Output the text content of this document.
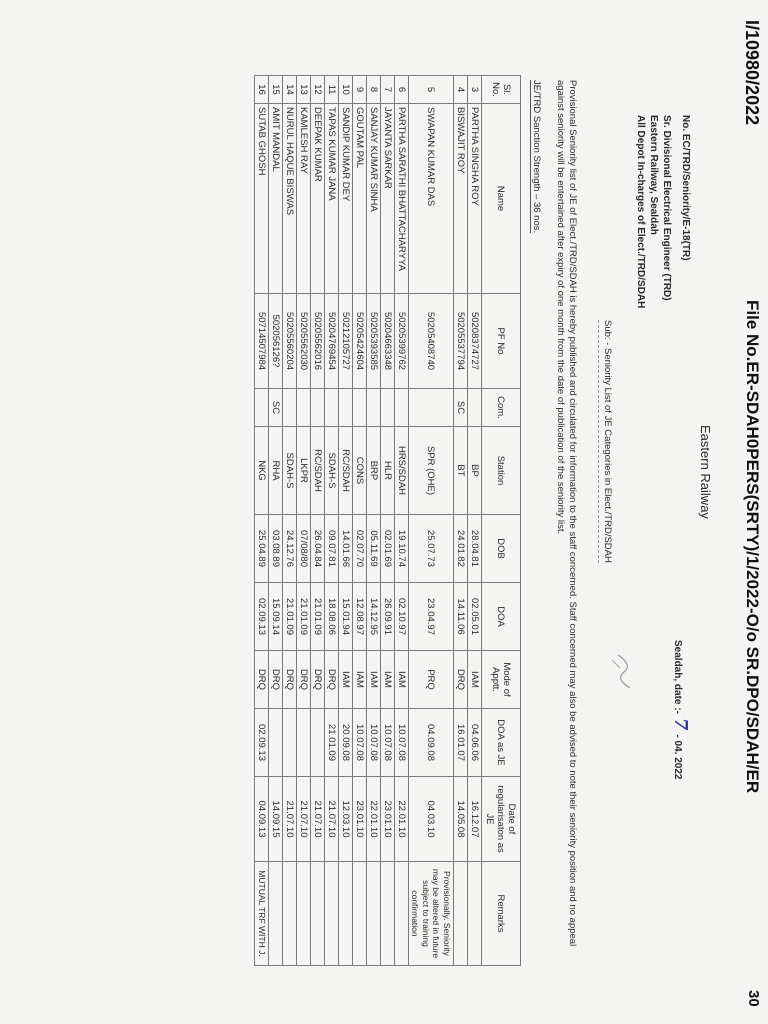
I/10980/2022
File No.ER-SDAH0PERS(SRTY)/1/2022-O/o SR.DPO/SDAH/ER
30
Eastern Railway
No. EC/TRD/Seniority/E-18(TR)
Sealdah, date :-7- 04. 2022
Sr. Divisional Electrical Engineer (TRD)
Eastern Railway, Sealdah
All Depot In-charges of Elect./TRD/SDAH
Sub: - Seniority List of JE Categories in Elect./TRD/SDAH
Provisional Seniority list of JE of Elect./TRD/SDAH is hereby published and circulated for information to the staff concerned. Staff concerned may also be advised to note their seniority position and no appeal against seniority will be entertained after expiry of one month from the date of publication of the seniority list.
JE/TRD Sanction Strength – 36 nos.
Sl. No.	Name	PF No	Com.	Station	DOB	DOA	Mode of Apptt.	DOA as JE	Date of regularisaton as JE	Remarks
3	PARTHA SINGHA ROY	50208374727		BP	28.04.81	02.05.01	IAM	04.06.06	16.12.07	
4	BISWAJIT ROY	50205537794	SC	BT	24.01.82	14.11.06	DRQ	16.01.07	14.05.08	
5	SWAPAN KUMAR DAS	50205408740		SPR (OHE)	25.07.73	23.04.97	PRQ	04.09.08	04.03.10	Provisionally. Seniority may be altered in future subject to training confirmation
6	PARTHA SARATHI BHATTACHARYYA	50205399762		HRS/SDAH	19.10.74	02.10.97	IAM	10.07.08	22.01.10	
7	JAYANTA SARKAR	50204663348		HLR	02.01.69	26.09.91	IAM	10.07.08	23.01.10	
8	SANJAY KUMAR SINHA	50205393585		BRP	05.11.69	14.12.95	IAM	10.07.08	22.01.10	
9	GOUTAM PAL	50205424604		CONS	02.07.70	12.08.97	IAM	10.07.08	23.01.10	
10	SANDIP KUMAR DEY	50212105727		RC/SDAH	14.01.66	15.01.94	IAM	20.09.08	12.03.10	
11	TAPAS KUMAR JANA	50204769454		SDAH-S	09.07.81	18.08.06	DRQ	21.01.09	21.07.10	
12	DEEPAK KUMAR	50205562016		RC/SDAH	26.04.84	21.01.09	DRQ		21.07.10	
13	KAMLESH RAY	50205562030		LKPR	07/08/80	21.01.09	DRQ		21.07.10	
14	NURUL HAQUE BISWAS	50205560204		SDAH-S	24.12.76	21.01.09	DRQ		21.07.10	
15	AMIT MANDAL	502056126?	SC	RHA	03.08.89	15.09.14	DRQ		14.09.15	
16	SUTAB GHOSH	50714507984		NKG	25.04.89	02.09.13	DRQ	02.09.13	04.09.13	MUTUAL TRF WITH J.
